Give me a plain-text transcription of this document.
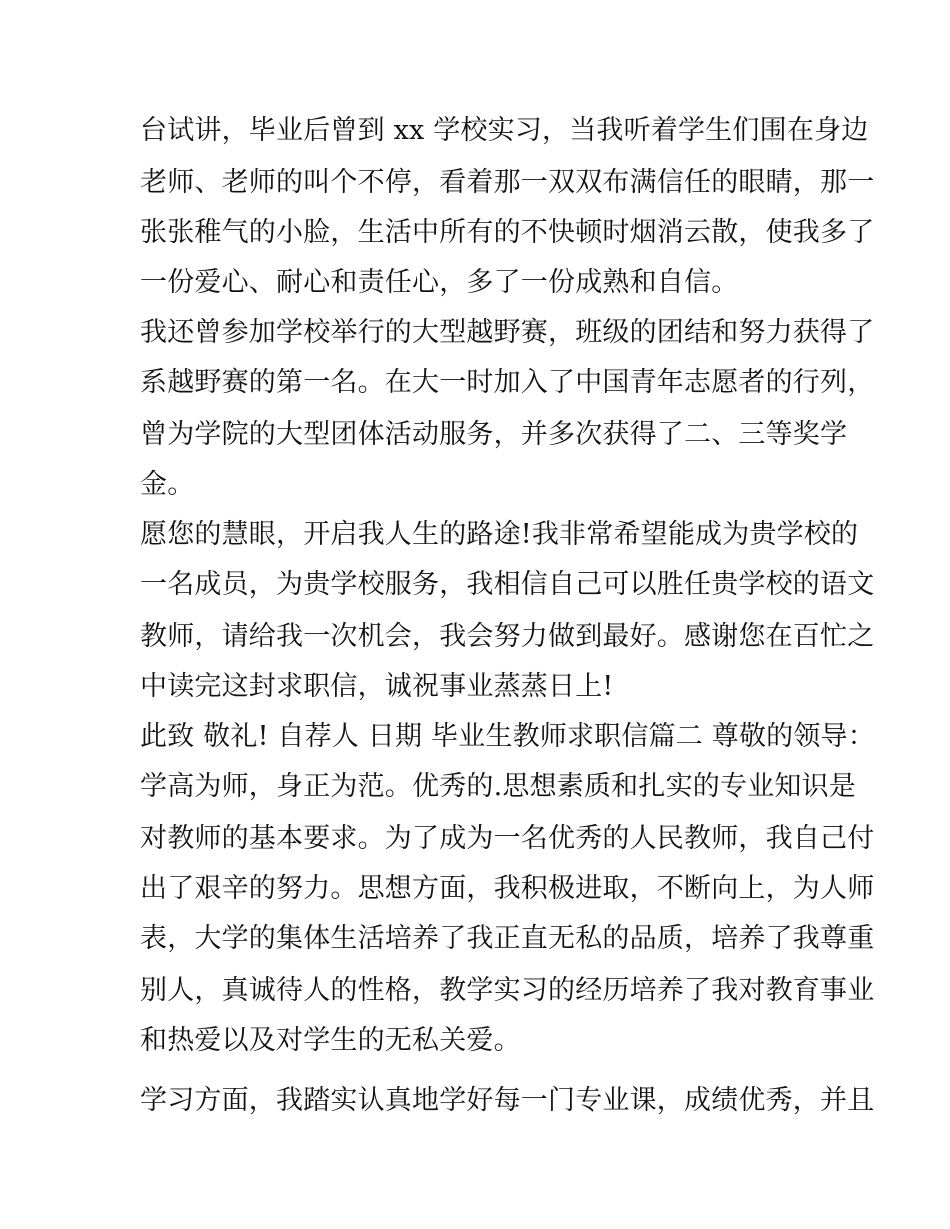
台试讲，毕业后曾到 xx 学校实习，当我听着学生们围在身边
老师、老师的叫个不停，看着那一双双布满信任的眼睛，那一
张张稚气的小脸，生活中所有的不快顿时烟消云散，使我多了
一份爱心、耐心和责任心，多了一份成熟和自信。
我还曾参加学校举行的大型越野赛，班级的团结和努力获得了
系越野赛的第一名。在大一时加入了中国青年志愿者的行列，
曾为学院的大型团体活动服务，并多次获得了二、三等奖学
金。
愿您的慧眼，开启我人生的路途!我非常希望能成为贵学校的
一名成员，为贵学校服务，我相信自己可以胜任贵学校的语文
教师，请给我一次机会，我会努力做到最好。感谢您在百忙之
中读完这封求职信，诚祝事业蒸蒸日上!
此致 敬礼! 自荐人 日期 毕业生教师求职信篇二 尊敬的领导：
学高为师，身正为范。优秀的.思想素质和扎实的专业知识是
对教师的基本要求。为了成为一名优秀的人民教师，我自己付
出了艰辛的努力。思想方面，我积极进取，不断向上，为人师
表，大学的集体生活培养了我正直无私的品质，培养了我尊重
别人，真诚待人的性格，教学实习的经历培养了我对教育事业
和热爱以及对学生的无私关爱。
学习方面，我踏实认真地学好每一门专业课，成绩优秀，并且
